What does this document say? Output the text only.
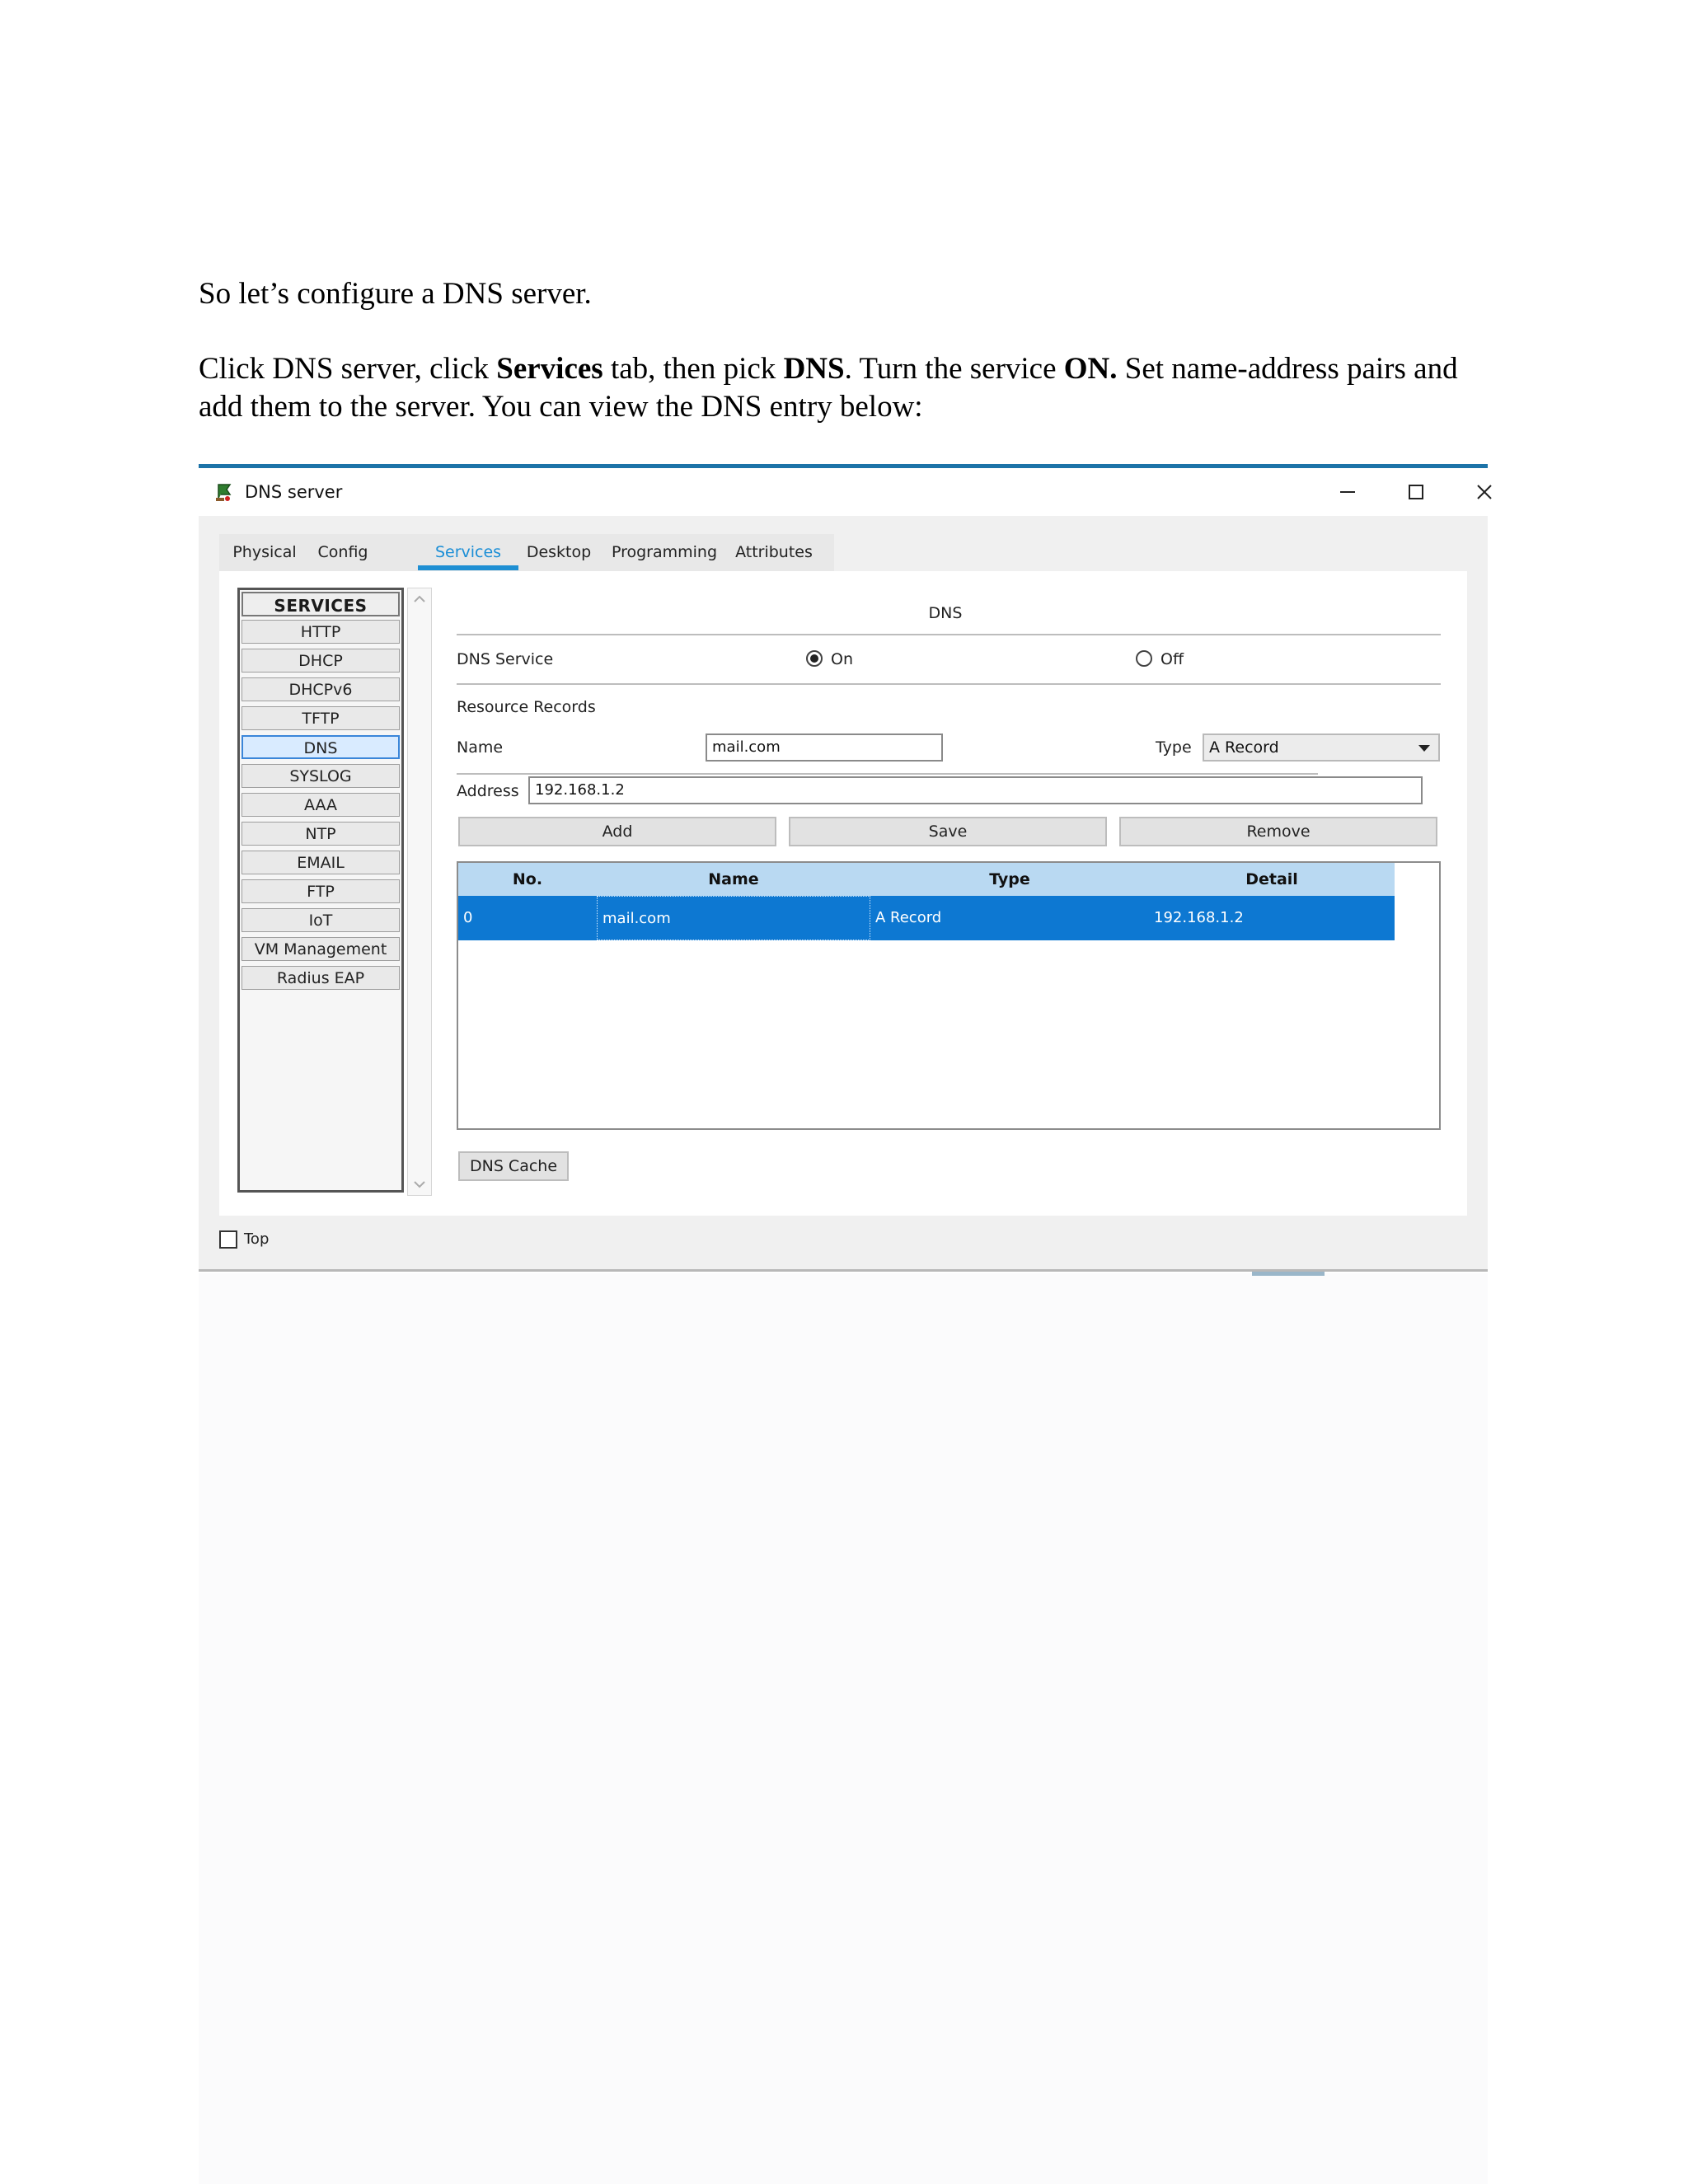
So let’s configure a DNS server.

Click DNS server, click Services tab, then pick DNS. Turn the service ON. Set name-address pairs and add them to the server. You can view the DNS entry below:

DNS server
Physical	Config	Services	Desktop	Programming	Attributes
SERVICES
HTTP
DHCP
DHCPv6
TFTP
DNS
SYSLOG
AAA
NTP
EMAIL
FTP
IoT
VM Management
Radius EAP
DNS
DNS Service	On	Off
Resource Records
Name	mail.com	Type	A Record
Address	192.168.1.2
Add	Save	Remove
No.	Name	Type	Detail
0	mail.com	A Record	192.168.1.2
DNS Cache
Top
